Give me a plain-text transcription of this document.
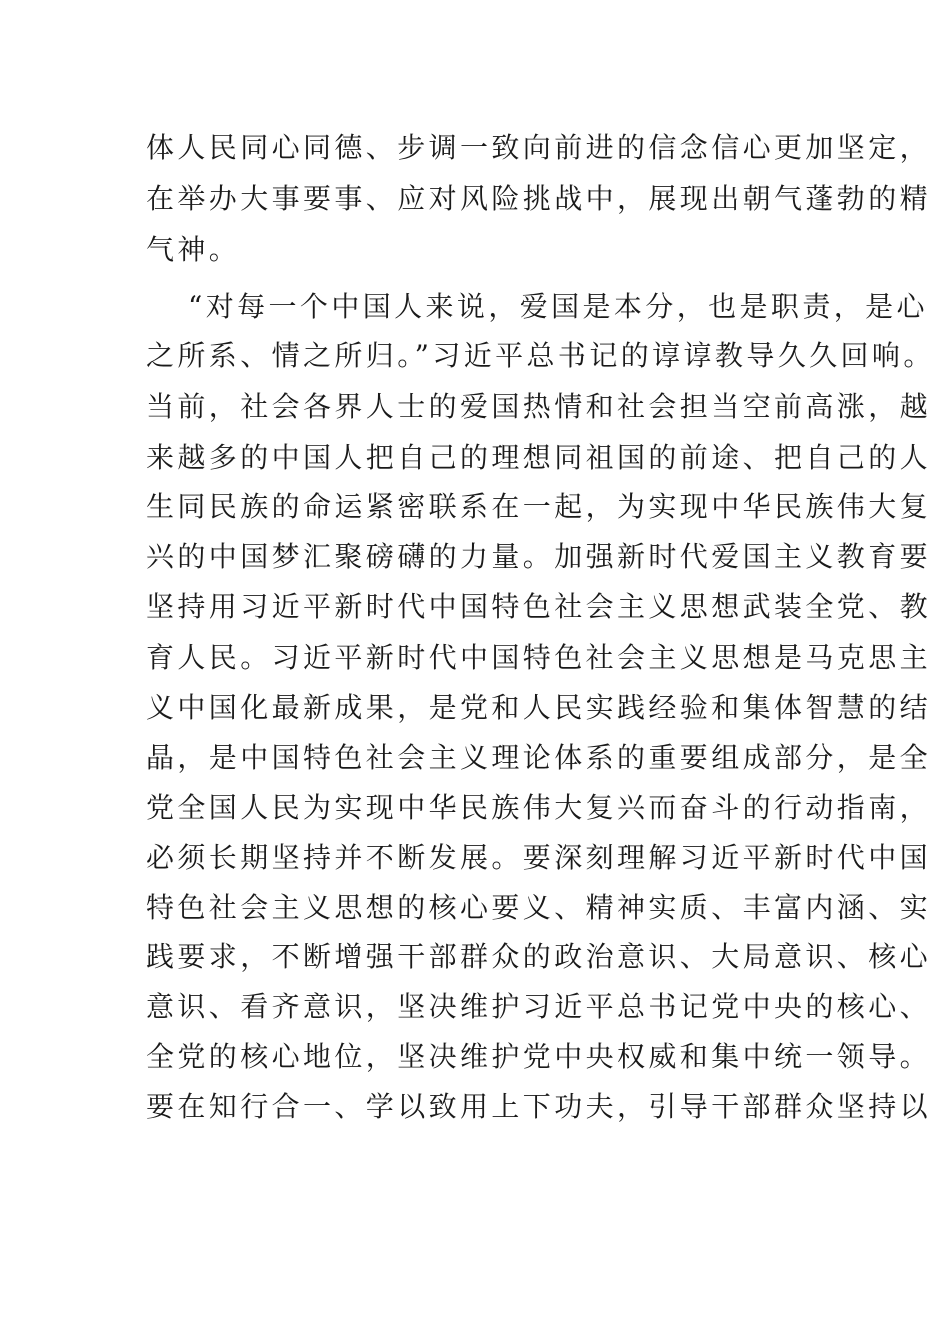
体人民同心同德、步调一致向前进的信念信心更加坚定，
在举办大事要事、应对风险挑战中，展现出朝气蓬勃的精
气神。
“对每一个中国人来说，爱国是本分，也是职责，是心
之所系、情之所归。”习近平总书记的谆谆教导久久回响。
当前，社会各界人士的爱国热情和社会担当空前高涨，越
来越多的中国人把自己的理想同祖国的前途、把自己的人
生同民族的命运紧密联系在一起，为实现中华民族伟大复
兴的中国梦汇聚磅礴的力量。加强新时代爱国主义教育要
坚持用习近平新时代中国特色社会主义思想武装全党、教
育人民。习近平新时代中国特色社会主义思想是马克思主
义中国化最新成果，是党和人民实践经验和集体智慧的结
晶，是中国特色社会主义理论体系的重要组成部分，是全
党全国人民为实现中华民族伟大复兴而奋斗的行动指南，
必须长期坚持并不断发展。要深刻理解习近平新时代中国
特色社会主义思想的核心要义、精神实质、丰富内涵、实
践要求，不断增强干部群众的政治意识、大局意识、核心
意识、看齐意识，坚决维护习近平总书记党中央的核心、
全党的核心地位，坚决维护党中央权威和集中统一领导。
要在知行合一、学以致用上下功夫，引导干部群众坚持以
